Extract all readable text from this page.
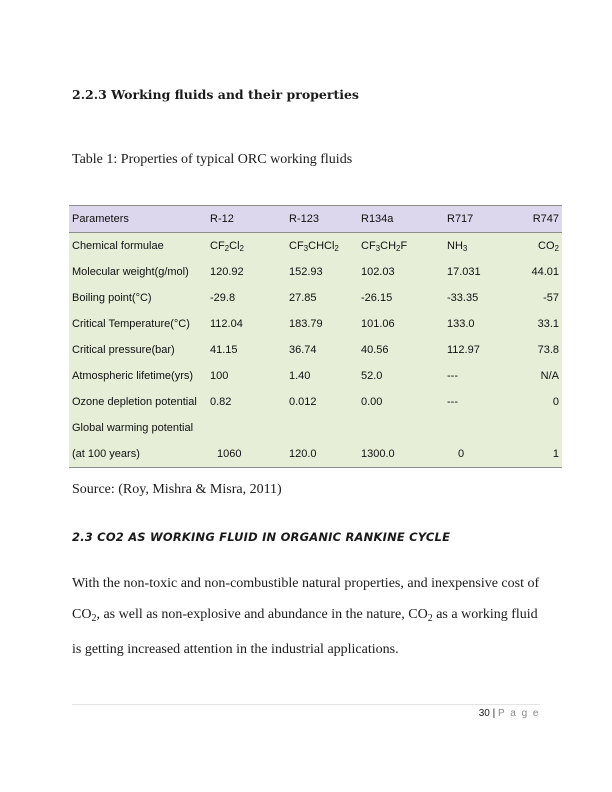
2.2.3 Working fluids and their properties
Table 1: Properties of typical ORC working fluids
Parameters	R-12	R-123	R134a	R717	R747
Chemical formulae	$CF_2Cl_2$	$CF_3CHCl_2$	$CF_3CH_2F$	$NH_3$	$CO_2$
Molecular weight(g/mol)	120.92	152.93	102.03	17.031	44.01
Boiling point(°C)	-29.8	27.85	-26.15	-33.35	-57
Critical Temperature(°C)	112.04	183.79	101.06	133.0	33.1
Critical pressure(bar)	41.15	36.74	40.56	112.97	73.8
Atmospheric lifetime(yrs)	100	1.40	52.0	---	N/A
Ozone depletion potential	0.82	0.012	0.00	---	0
Global warming potential					
(at 100 years)	1060	120.0	1300.0	0	1
Source: (Roy, Mishra & Misra, 2011)
2.3 CO2 AS WORKING FLUID IN ORGANIC RANKINE CYCLE

With the non-toxic and non-combustible natural properties, and inexpensive cost of

$CO_2$, as well as non-explosive and abundance in the nature, $CO_2$ as a working fluid

is getting increased attention in the industrial applications.

30 | P a g e
